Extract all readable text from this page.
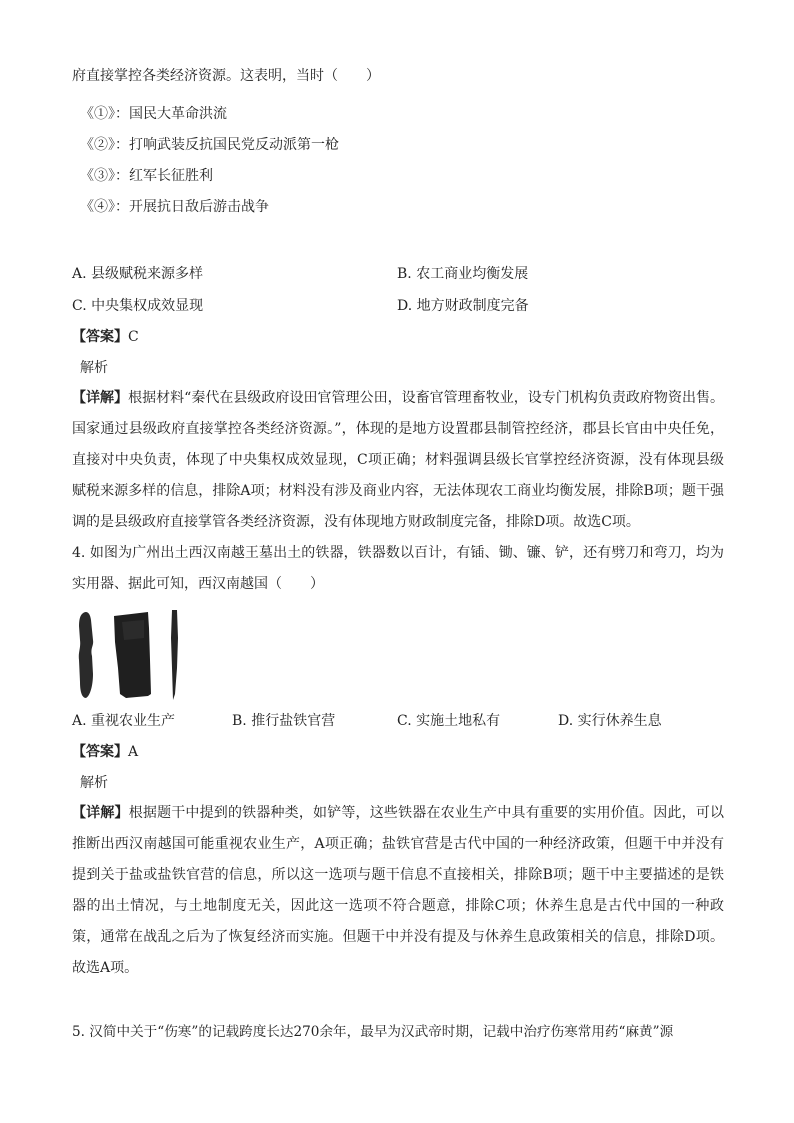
府直接掌控各类经济资源。这表明，当时（　　）
《①》：国民大革命洪流
《②》：打响武装反抗国民党反动派第一枪
《③》：红军长征胜利
《④》：开展抗日敌后游击战争
A. 县级赋税来源多样	B. 农工商业均衡发展
C. 中央集权成效显现	D. 地方财政制度完备
【答案】C
解析
【详解】根据材料“秦代在县级政府设田官管理公田，设畜官管理畜牧业，设专门机构负责政府物资出售。国家通过县级政府直接掌控各类经济资源。”，体现的是地方设置郡县制管控经济，郡县长官由中央任免，直接对中央负责，体现了中央集权成效显现，C项正确；材料强调县级长官掌控经济资源，没有体现县级赋税来源多样的信息，排除A项；材料没有涉及商业内容，无法体现农工商业均衡发展，排除B项；题干强调的是县级政府直接掌管各类经济资源，没有体现地方财政制度完备，排除D项。故选C项。
4. 如图为广州出土西汉南越王墓出土的铁器，铁器数以百计，有锸、锄、镰、铲，还有劈刀和弯刀，均为实用器、据此可知，西汉南越国（　　）
A. 重视农业生产	B. 推行盐铁官营	C. 实施土地私有	D. 实行休养生息
【答案】A
解析
【详解】根据题干中提到的铁器种类，如铲等，这些铁器在农业生产中具有重要的实用价值。因此，可以推断出西汉南越国可能重视农业生产，A项正确；盐铁官营是古代中国的一种经济政策，但题干中并没有提到关于盐或盐铁官营的信息，所以这一选项与题干信息不直接相关，排除B项；题干中主要描述的是铁器的出土情况，与土地制度无关，因此这一选项不符合题意，排除C项；休养生息是古代中国的一种政策，通常在战乱之后为了恢复经济而实施。但题干中并没有提及与休养生息政策相关的信息，排除D项。故选A项。
5. 汉简中关于“伤寒”的记载跨度长达270余年，最早为汉武帝时期，记载中治疗伤寒常用药“麻黄”源
